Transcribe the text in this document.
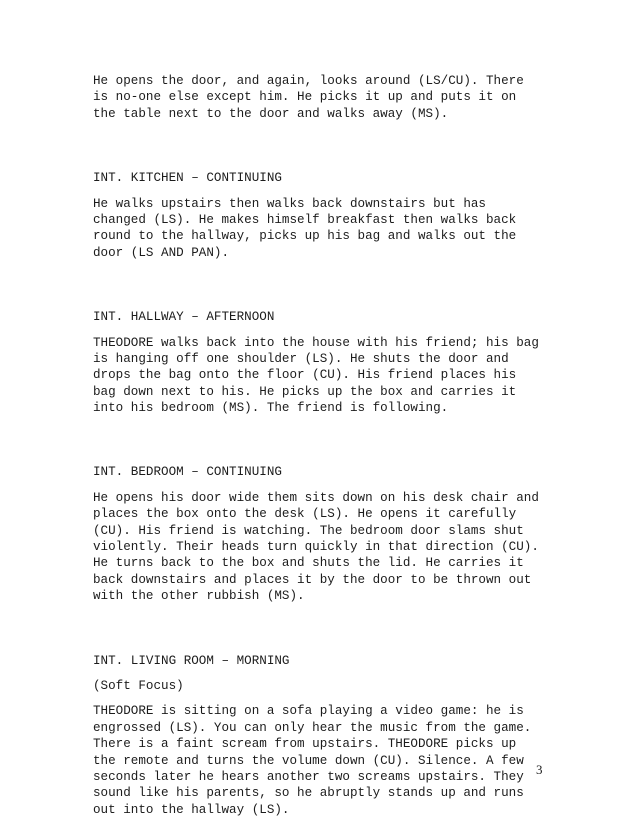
He opens the door, and again, looks around (LS/CU). There
is no-one else except him. He picks it up and puts it on
the table next to the door and walks away (MS).
INT. KITCHEN – CONTINUING
He walks upstairs then walks back downstairs but has
changed (LS). He makes himself breakfast then walks back
round to the hallway, picks up his bag and walks out the
door (LS AND PAN).
INT. HALLWAY – AFTERNOON
THEODORE walks back into the house with his friend; his bag
is hanging off one shoulder (LS). He shuts the door and
drops the bag onto the floor (CU). His friend places his
bag down next to his. He picks up the box and carries it
into his bedroom (MS). The friend is following.
INT. BEDROOM – CONTINUING
He opens his door wide them sits down on his desk chair and
places the box onto the desk (LS). He opens it carefully
(CU). His friend is watching. The bedroom door slams shut
violently. Their heads turn quickly in that direction (CU).
He turns back to the box and shuts the lid. He carries it
back downstairs and places it by the door to be thrown out
with the other rubbish (MS).
INT. LIVING ROOM – MORNING
(Soft Focus)
THEODORE is sitting on a sofa playing a video game: he is
engrossed (LS). You can only hear the music from the game.
There is a faint scream from upstairs. THEODORE picks up
the remote and turns the volume down (CU). Silence. A few
seconds later he hears another two screams upstairs. They
sound like his parents, so he abruptly stands up and runs
out into the hallway (LS).
3
